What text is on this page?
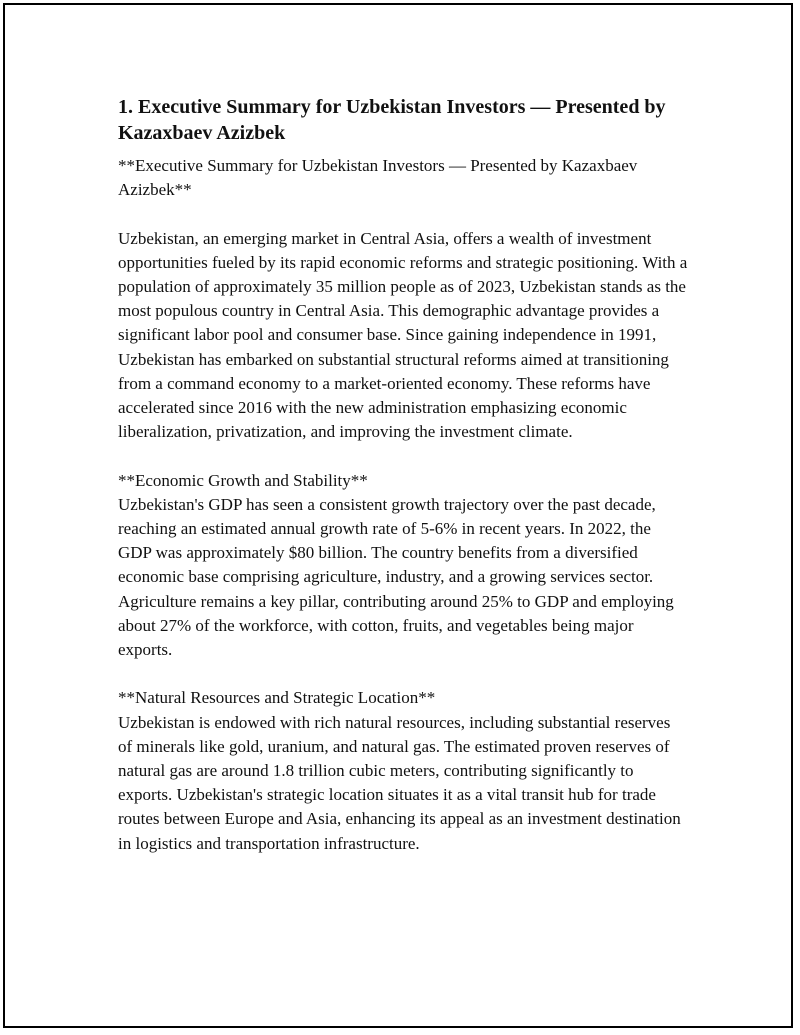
1. Executive Summary for Uzbekistan Investors — Presented by Kazaxbaev Azizbek

**Executive Summary for Uzbekistan Investors — Presented by Kazaxbaev Azizbek**

Uzbekistan, an emerging market in Central Asia, offers a wealth of investment opportunities fueled by its rapid economic reforms and strategic positioning. With a population of approximately 35 million people as of 2023, Uzbekistan stands as the most populous country in Central Asia. This demographic advantage provides a significant labor pool and consumer base. Since gaining independence in 1991, Uzbekistan has embarked on substantial structural reforms aimed at transitioning from a command economy to a market-oriented economy. These reforms have accelerated since 2016 with the new administration emphasizing economic liberalization, privatization, and improving the investment climate.

**Economic Growth and Stability**

Uzbekistan's GDP has seen a consistent growth trajectory over the past decade, reaching an estimated annual growth rate of 5-6% in recent years. In 2022, the GDP was approximately $80 billion. The country benefits from a diversified economic base comprising agriculture, industry, and a growing services sector. Agriculture remains a key pillar, contributing around 25% to GDP and employing about 27% of the workforce, with cotton, fruits, and vegetables being major exports.

**Natural Resources and Strategic Location**

Uzbekistan is endowed with rich natural resources, including substantial reserves of minerals like gold, uranium, and natural gas. The estimated proven reserves of natural gas are around 1.8 trillion cubic meters, contributing significantly to exports. Uzbekistan's strategic location situates it as a vital transit hub for trade routes between Europe and Asia, enhancing its appeal as an investment destination in logistics and transportation infrastructure.
